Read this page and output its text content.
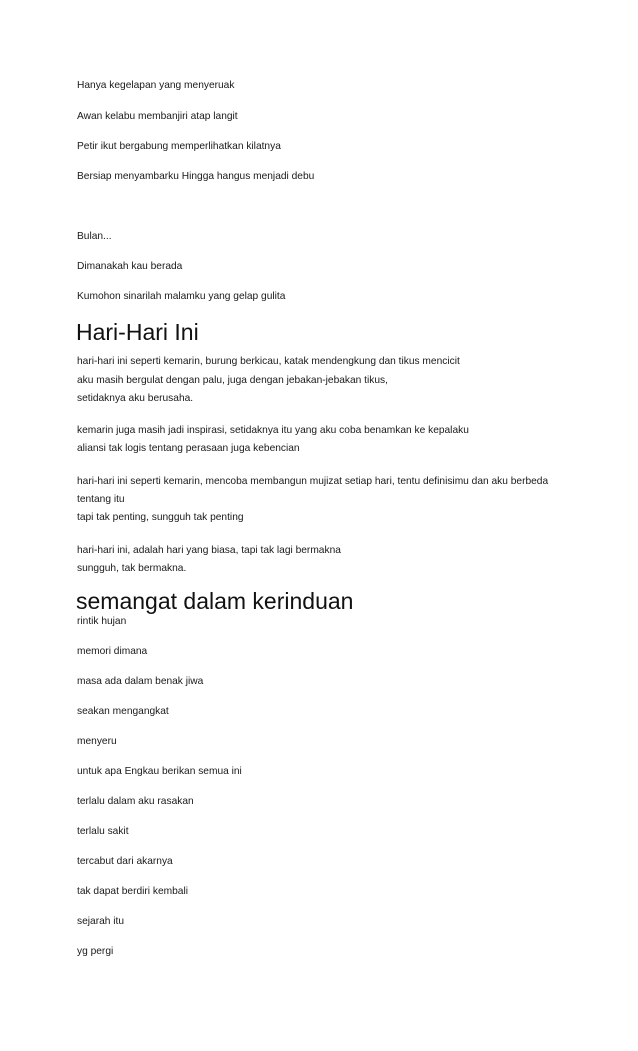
Hanya kegelapan yang menyeruak
Awan kelabu membanjiri atap langit
Petir ikut bergabung memperlihatkan kilatnya
Bersiap menyambarku Hingga hangus menjadi debu
Bulan...
Dimanakah kau berada
Kumohon sinarilah malamku yang gelap gulita
Hari-Hari Ini
hari-hari ini seperti kemarin, burung berkicau, katak mendengkung dan tikus mencicit
aku masih bergulat dengan palu, juga dengan jebakan-jebakan tikus,
setidaknya aku berusaha.
kemarin juga masih jadi inspirasi, setidaknya itu yang aku coba benamkan ke kepalaku
aliansi tak logis tentang perasaan juga kebencian
hari-hari ini seperti kemarin, mencoba membangun mujizat setiap hari, tentu definisimu dan aku berbeda
tentang itu
tapi tak penting, sungguh tak penting
hari-hari ini, adalah hari yang biasa, tapi tak lagi bermakna
sungguh, tak bermakna.
semangat dalam kerinduan
rintik hujan
memori dimana
masa ada dalam benak jiwa
seakan mengangkat
menyeru
untuk apa Engkau berikan semua ini
terlalu dalam aku rasakan
terlalu sakit
tercabut dari akarnya
tak dapat berdiri kembali
sejarah itu
yg pergi
